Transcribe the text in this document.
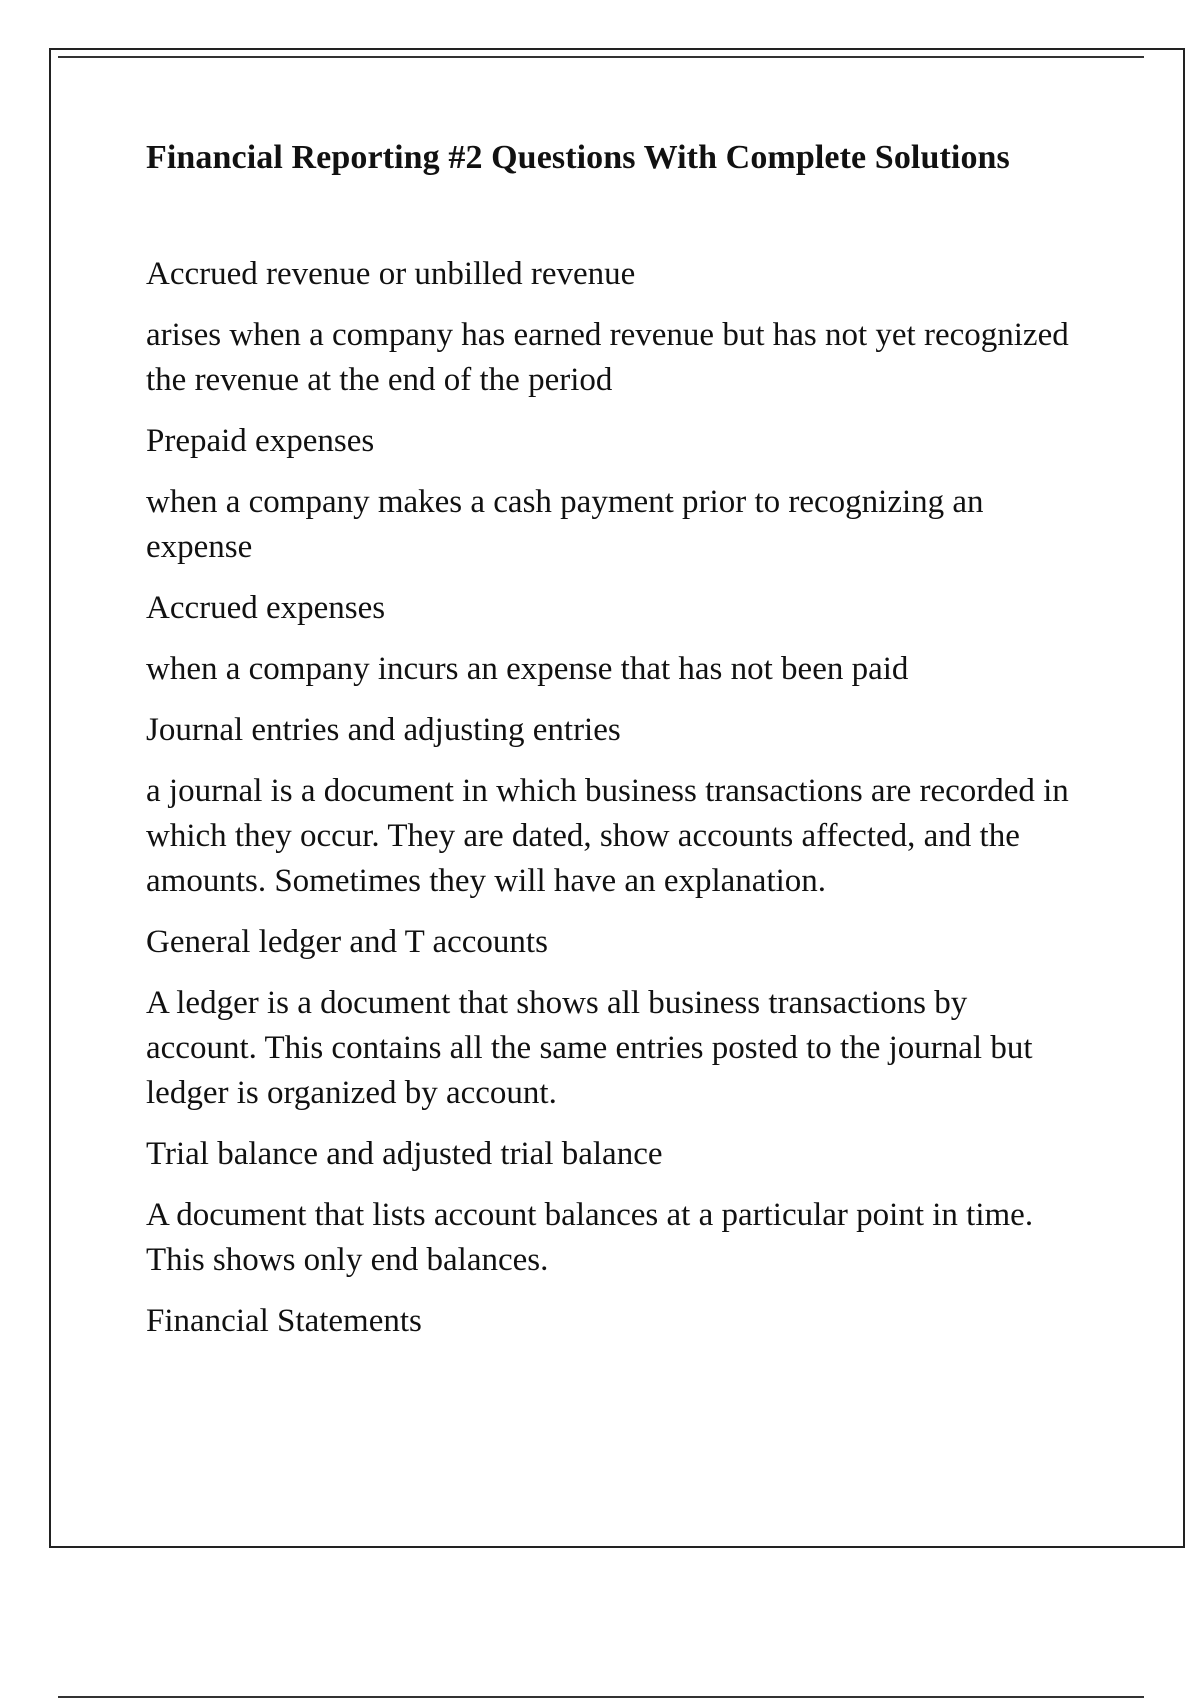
Financial Reporting #2 Questions With Complete Solutions

Accrued revenue or unbilled revenue

arises when a company has earned revenue but has not yet recognized the revenue at the end of the period

Prepaid expenses

when a company makes a cash payment prior to recognizing an expense

Accrued expenses

when a company incurs an expense that has not been paid

Journal entries and adjusting entries

a journal is a document in which business transactions are recorded in which they occur. They are dated, show accounts affected, and the amounts. Sometimes they will have an explanation.

General ledger and T accounts

A ledger is a document that shows all business transactions by account. This contains all the same entries posted to the journal but ledger is organized by account.

Trial balance and adjusted trial balance

A document that lists account balances at a particular point in time. This shows only end balances.

Financial Statements
